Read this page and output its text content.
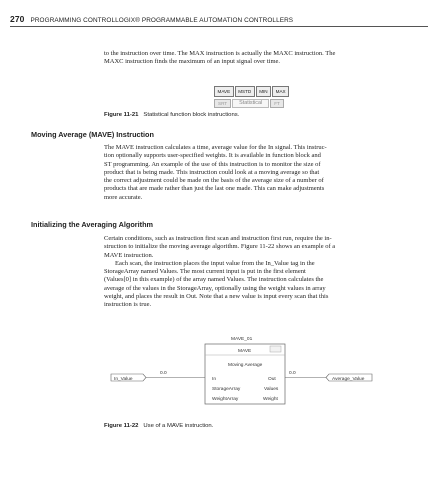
270 PROGRAMMING CONTROLLOGIX® PROGRAMMABLE AUTOMATION CONTROLLERS

to the instruction over time. The MAX instruction is actually the MAXC instruction. The
MAXC instruction finds the maximum of an input signal over time.

MAVE	MSTD	MIN	MAX
SRT	Statistical	FT
Figure 11-21 Statistical function block instructions.
Moving Average (MAVE) Instruction

The MAVE instruction calculates a time, average value for the In signal. This instruc-
tion optionally supports user-specified weights. It is available in function block and
ST programming. An example of the use of this instruction is to monitor the size of
product that is being made. This instruction could look at a moving average so that
the correct adjustment could be made on the basis of the average size of a number of
products that are made rather than just the last one made. This can make adjustments
more accurate.

Initializing the Averaging Algorithm

Certain conditions, such as instruction first scan and instruction first run, require the in-
struction to initialize the moving average algorithm. Figure 11-22 shows an example of a
MAVE instruction.

Each scan, the instruction places the input value from the In_Value tag in the
StorageArray named Values. The most current input is put in the first element
(Values[0] in this example) of the array named Values. The instruction calculates the
average of the values in the StorageArray, optionally using the weight values in array
weight, and places the result in Out. Note that a new value is input every scan that this
instruction is true.

MAVE_01
MAVE
Moving Average
In	Out
StorageArray	Values
WeightArray	Weight
In_Value
0.0	0.0
Average_Value
Figure 11-22 Use of a MAVE instruction.
